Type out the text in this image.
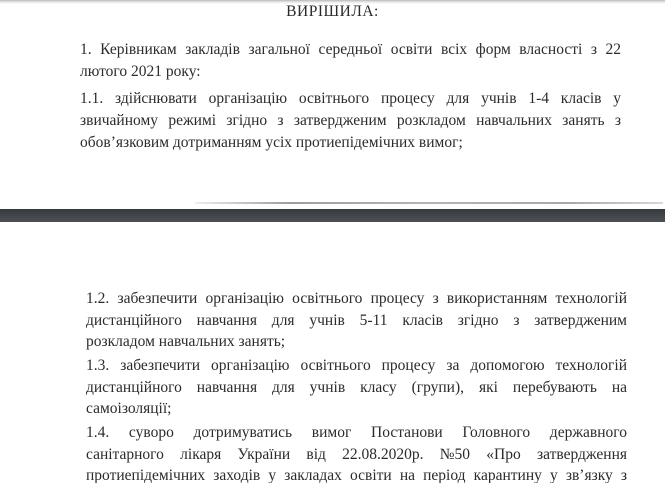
ВИРІШИЛА:
1. Керівникам закладів загальної середньої освіти всіх форм власності з 22
лютого 2021 року:
1.1. здійснювати організацію освітнього процесу для учнів 1-4 класів у
звичайному режимі згідно з затвердженим розкладом навчальних занять з
обов’язковим дотриманням усіх протиепідемічних вимог;
1.2. забезпечити організацію освітнього процесу з використанням технологій
дистанційного навчання для учнів 5-11 класів згідно з затвердженим
розкладом навчальних занять;
1.3. забезпечити організацію освітнього процесу за допомогою технологій
дистанційного навчання для учнів класу (групи), які перебувають на
самоізоляції;
1.4. суворо дотримуватись вимог Постанови Головного державного
санітарного лікаря України від 22.08.2020р. №50 «Про затвердження
протиепідемічних заходів у закладах освіти на період карантину у зв’язку з
